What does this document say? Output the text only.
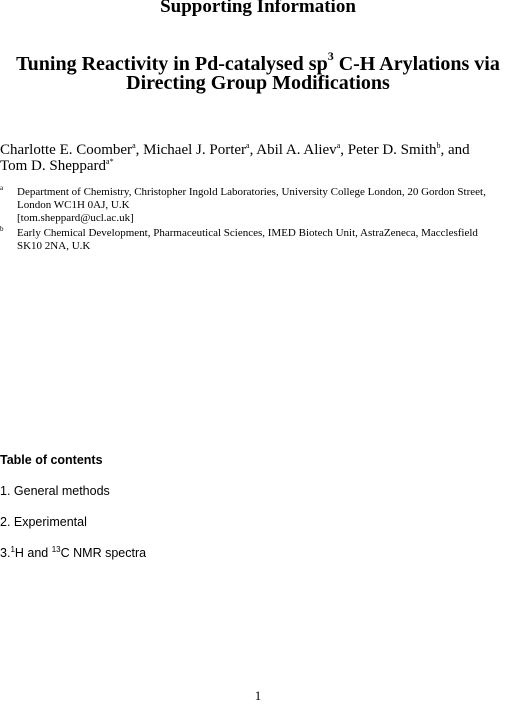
Supporting Information
Tuning Reactivity in Pd-catalysed $sp^3$ C-H Arylations via
Directing Group Modifications
Charlotte E. Coomber$^a$, Michael J. Porter$^a$, Abil A. Aliev$^a$, Peter D. Smith$^b$, and
Tom D. Sheppard$^{a*}$
a Department of Chemistry, Christopher Ingold Laboratories, University College London, 20 Gordon Street,
London WC1H 0AJ, U.K
[tom.sheppard@ucl.ac.uk]
b Early Chemical Development, Pharmaceutical Sciences, IMED Biotech Unit, AstraZeneca, Macclesfield
SK10 2NA, U.K
Table of contents
1. General methods
2. Experimental
3.$^1$H and $^{13}$C NMR spectra
1
